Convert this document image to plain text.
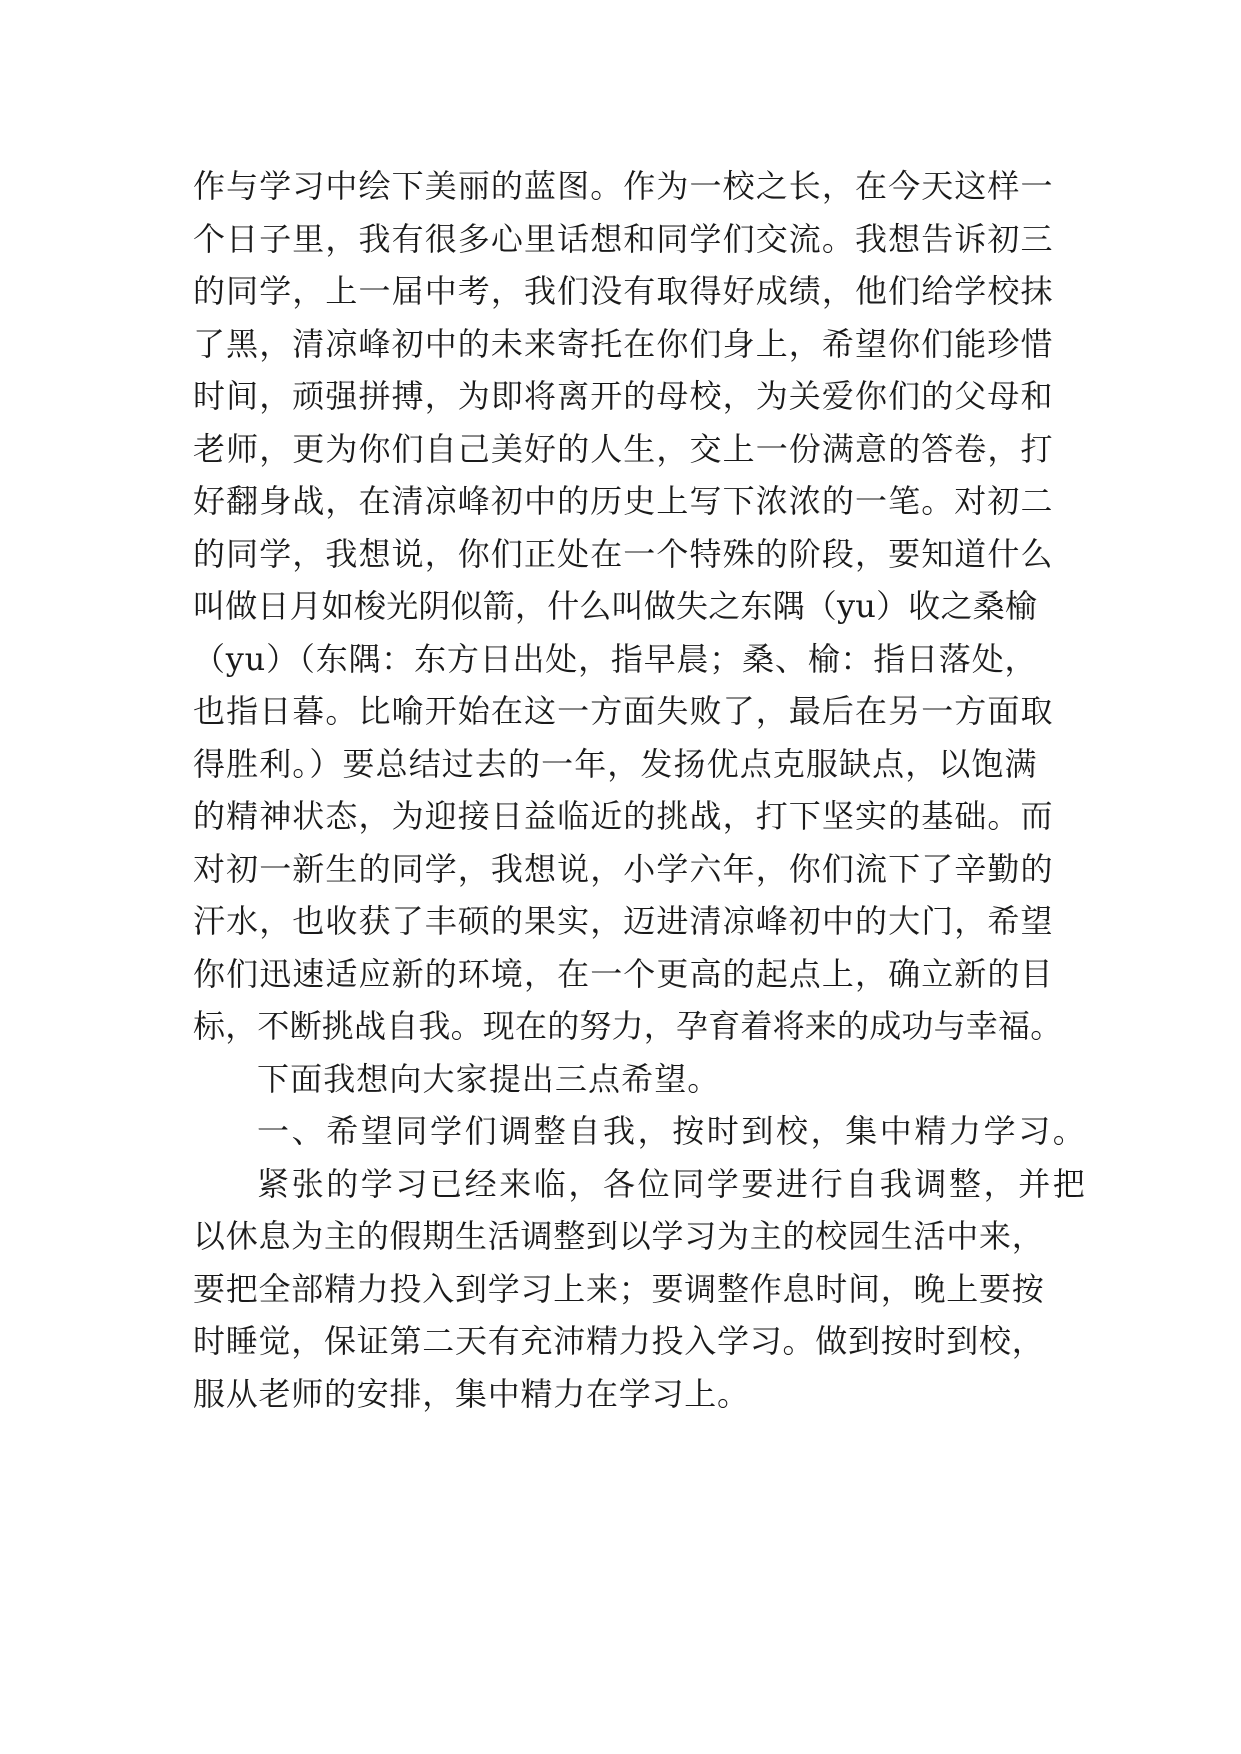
作与学习中绘下美丽的蓝图。作为一校之长，在今天这样一
个日子里，我有很多心里话想和同学们交流。我想告诉初三
的同学，上一届中考，我们没有取得好成绩，他们给学校抹
了黑，清凉峰初中的未来寄托在你们身上，希望你们能珍惜
时间，顽强拼搏，为即将离开的母校，为关爱你们的父母和
老师，更为你们自己美好的人生，交上一份满意的答卷，打
好翻身战，在清凉峰初中的历史上写下浓浓的一笔。对初二
的同学，我想说，你们正处在一个特殊的阶段，要知道什么
叫做日月如梭光阴似箭，什么叫做失之东隅（yu）收之桑榆
（yu）（东隅：东方日出处，指早晨；桑、榆：指日落处，
也指日暮。比喻开始在这一方面失败了，最后在另一方面取
得胜利。）要总结过去的一年，发扬优点克服缺点，以饱满
的精神状态，为迎接日益临近的挑战，打下坚实的基础。而
对初一新生的同学，我想说，小学六年，你们流下了辛勤的
汗水，也收获了丰硕的果实，迈进清凉峰初中的大门，希望
你们迅速适应新的环境，在一个更高的起点上，确立新的目
标，不断挑战自我。现在的努力，孕育着将来的成功与幸福。
下面我想向大家提出三点希望。
一、希望同学们调整自我，按时到校，集中精力学习。
紧张的学习已经来临，各位同学要进行自我调整，并把
以休息为主的假期生活调整到以学习为主的校园生活中来，
要把全部精力投入到学习上来；要调整作息时间，晚上要按
时睡觉，保证第二天有充沛精力投入学习。做到按时到校，
服从老师的安排，集中精力在学习上。
